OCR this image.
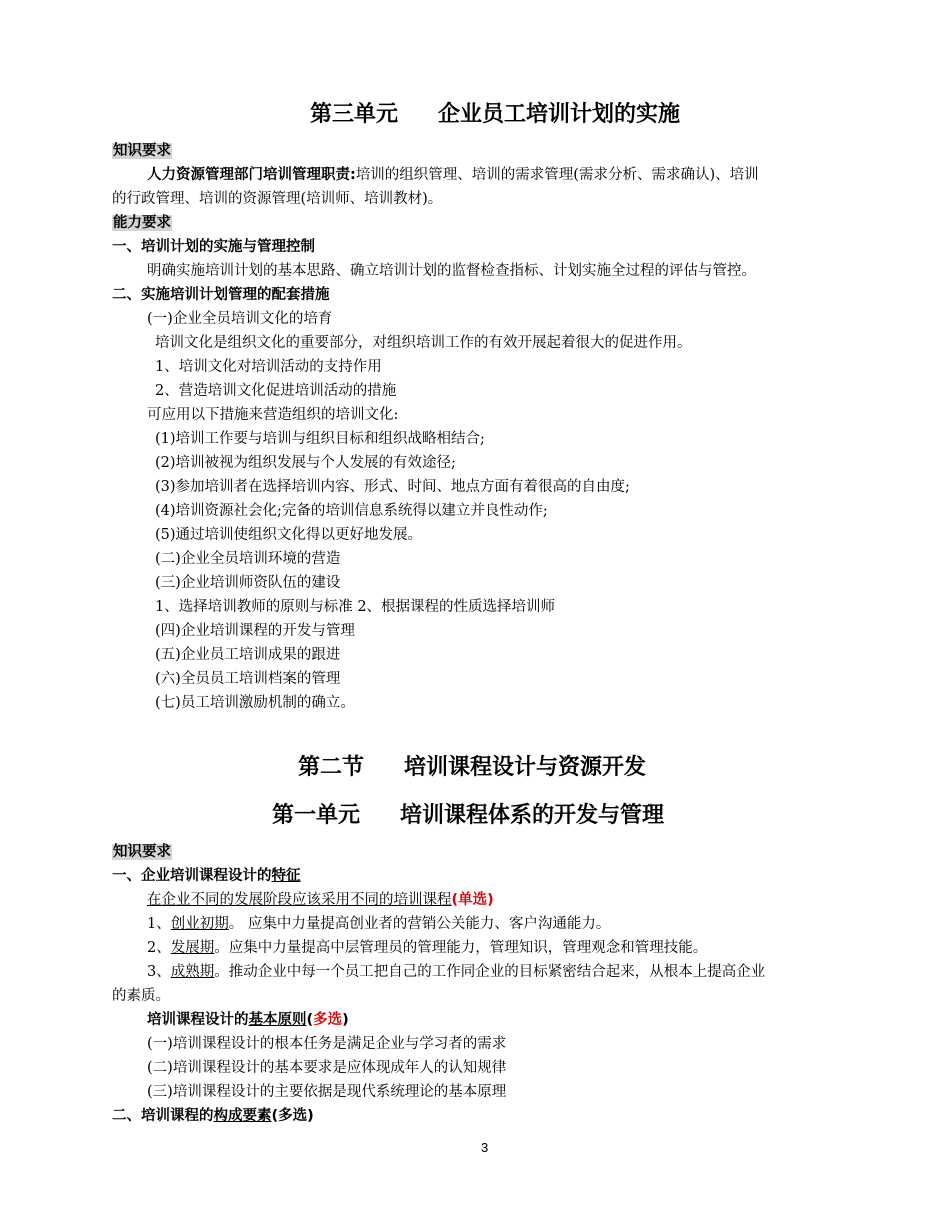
第三单元 企业员工培训计划的实施
知识要求
人力资源管理部门培训管理职责:培训的组织管理、培训的需求管理(需求分析、需求确认)、培训
的行政管理、培训的资源管理(培训师、培训教材)。
能力要求
一、培训计划的实施与管理控制
明确实施培训计划的基本思路、确立培训计划的监督检查指标、计划实施全过程的评估与管控。
二、实施培训计划管理的配套措施
(一)企业全员培训文化的培育
培训文化是组织文化的重要部分，对组织培训工作的有效开展起着很大的促进作用。
1、培训文化对培训活动的支持作用
2、营造培训文化促进培训活动的措施
可应用以下措施来营造组织的培训文化:
(1)培训工作要与培训与组织目标和组织战略相结合;
(2)培训被视为组织发展与个人发展的有效途径;
(3)参加培训者在选择培训内容、形式、时间、地点方面有着很高的自由度;
(4)培训资源社会化;完备的培训信息系统得以建立并良性动作;
(5)通过培训使组织文化得以更好地发展。
(二)企业全员培训环境的营造
(三)企业培训师资队伍的建设
1、选择培训教师的原则与标准 2、根据课程的性质选择培训师
(四)企业培训课程的开发与管理
(五)企业员工培训成果的跟进
(六)全员员工培训档案的管理
(七)员工培训激励机制的确立。
第二节 培训课程设计与资源开发
第一单元 培训课程体系的开发与管理
知识要求
一、企业培训课程设计的特征
在企业不同的发展阶段应该采用不同的培训课程(单选)
1、创业初期。 应集中力量提高创业者的营销公关能力、客户沟通能力。
2、发展期。应集中力量提高中层管理员的管理能力，管理知识，管理观念和管理技能。
3、成熟期。推动企业中每一个员工把自己的工作同企业的目标紧密结合起来，从根本上提高企业
的素质。
培训课程设计的基本原则(多选)
(一)培训课程设计的根本任务是满足企业与学习者的需求
(二)培训课程设计的基本要求是应体现成年人的认知规律
(三)培训课程设计的主要依据是现代系统理论的基本原理
二、培训课程的构成要素(多选)
3
